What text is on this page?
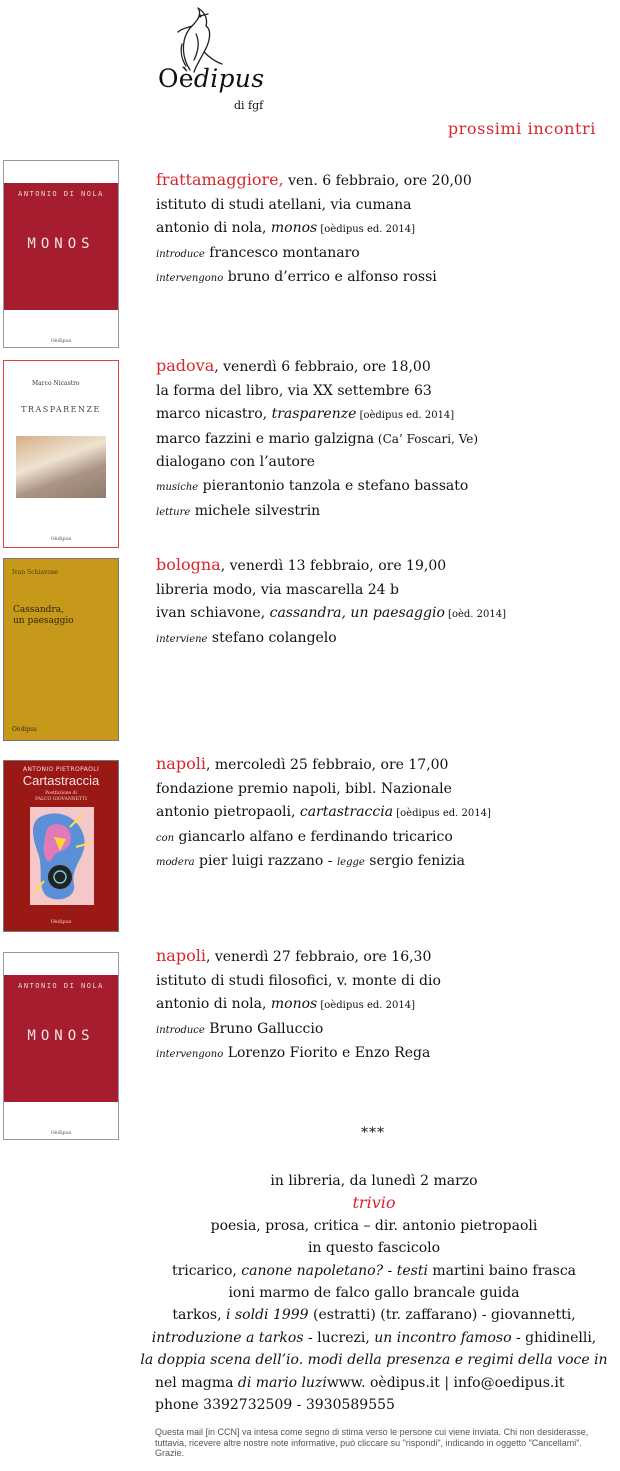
Oèdipus
di fgf
prossimi incontri
ANTONIO DI NOLA
MONOS
Oèdipus
frattamaggiore, ven. 6 febbraio, ore 20,00
istituto di studi atellani, via cumana
antonio di nola, monos [oèdipus ed. 2014]
introduce francesco montanaro
intervengono bruno d’errico e alfonso rossi
Marco Nicastro
TRASPARENZE
Oèdipus
padova, venerdì 6 febbraio, ore 18,00
la forma del libro, via XX settembre 63
marco nicastro, trasparenze [oèdipus ed. 2014]
marco fazzini e mario galzigna (Ca’ Foscari, Ve)
dialogano con l’autore
musiche pierantonio tanzola e stefano bassato
letture michele silvestrin
Ivan Schiavone
Cassandra,
un paesaggio
Oèdipus
bologna, venerdì 13 febbraio, ore 19,00
libreria modo, via mascarella 24 b
ivan schiavone, cassandra, un paesaggio [oèd. 2014]
interviene stefano colangelo
ANTONIO PIETROPAOLI
Cartastraccia
Postfazione di
FALCO GIOVANNETTI
Oèdipus
napoli, mercoledì 25 febbraio, ore 17,00
fondazione premio napoli, bibl. Nazionale
antonio pietropaoli, cartastraccia [oèdipus ed. 2014]
con giancarlo alfano e ferdinando tricarico
modera pier luigi razzano - legge sergio fenizia
ANTONIO DI NOLA
MONOS
Oèdipus
napoli, venerdì 27 febbraio, ore 16,30
istituto di studi filosofici, v. monte di dio
antonio di nola, monos [oèdipus ed. 2014]
introduce Bruno Galluccio
intervengono Lorenzo Fiorito e Enzo Rega
***
in libreria, da lunedì 2 marzo
trivio
poesia, prosa, critica – dir. antonio pietropaoli
in questo fascicolo
tricarico, canone napoletano? - testi martini baino frasca
ioni marmo de falco gallo brancale guida
tarkos, i soldi 1999 (estratti) (tr. zaffarano) - giovannetti,
introduzione a tarkos - lucrezi, un incontro famoso - ghidinelli,
la doppia scena dell’io. modi della presenza e regimi della voce in
nel magma di mario luziwww. oèdipus.it | info@oedipus.it
phone 3392732509 - 3930589555
Questa mail [in CCN] va intesa come segno di stima verso le persone cui viene inviata. Chi non desiderasse, tuttavia, ricevere altre nostre note informative, può cliccare su "rispondi", indicando in oggetto "Cancellami". Grazie.
